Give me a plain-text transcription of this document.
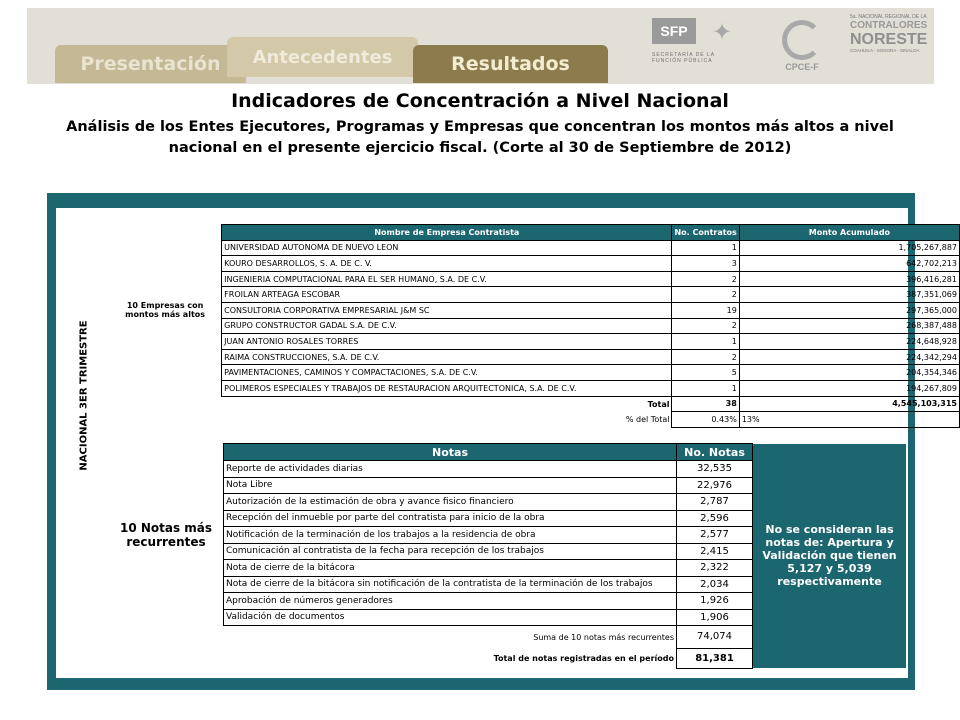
Presentación	Antecedentes	Resultados
SFP	✦
SECRETARÍA DE LA FUNCIÓN PÚBLICA
CPCE-F
5a. NACIONAL REGIONAL DE LA
CONTRALORES
NORESTE
COAHUILA - SONORA - SINALOA
Indicadores de Concentración a Nivel Nacional
Análisis de los Entes Ejecutores, Programas y Empresas que concentran los montos más altos a nivel nacional en el presente ejercicio fiscal. (Corte al 30 de Septiembre de 2012)
NACIONAL 3ER TRIMESTRE
10 Empresas con montos más altos	Nombre de Empresa Contratista	No. Contratos	Monto Acumulado
	UNIVERSIDAD AUTONOMA DE NUEVO LEON	1	1,705,267,887
	KOURO DESARROLLOS, S. A. DE C. V.	3	642,702,213
	INGENIERIA COMPUTACIONAL PARA EL SER HUMANO, S.A. DE C.V.	2	396,416,281
	FROILAN ARTEAGA ESCOBAR	2	387,351,069
	CONSULTORIA CORPORATIVA EMPRESARIAL J&M SC	19	297,365,000
	GRUPO CONSTRUCTOR GADAL S.A. DE C.V.	2	268,387,488
	JUAN ANTONIO ROSALES TORRES	1	224,648,928
	RAIMA CONSTRUCCIONES, S.A. DE C.V.	2	224,342,294
	PAVIMENTACIONES, CAMINOS Y COMPACTACIONES, S.A. DE C.V.	5	204,354,346
	POLIMEROS ESPECIALES Y TRABAJOS DE RESTAURACION ARQUITECTONICA, S.A. DE C.V.	1	194,267,809
	Total	38	4,545,103,315
	% del Total	0.43%	13%
10 Notas más recurrentes	Notas	No. Notas	No se consideran las notas de: Apertura y Validación que tienen 5,127 y 5,039 respectivamente
	Reporte de actividades diarias	32,535	
	Nota Libre	22,976	
	Autorización de la estimación de obra y avance fisico financiero	2,787	
	Recepción del inmueble por parte del contratista para inicio de la obra	2,596	
	Notificación de la terminación de los trabajos a la residencia de obra	2,577	
	Comunicación al contratista de la fecha para recepción de los trabajos	2,415	
	Nota de cierre de la bitácora	2,322	
	Nota de cierre de la bitácora sin notificación de la contratista de la terminación de los trabajos	2,034	
	Aprobación de números generadores	1,926	
	Validación de documentos	1,906	
	Suma de 10 notas más recurrentes	74,074	
	Total de notas registradas en el período	81,381	
